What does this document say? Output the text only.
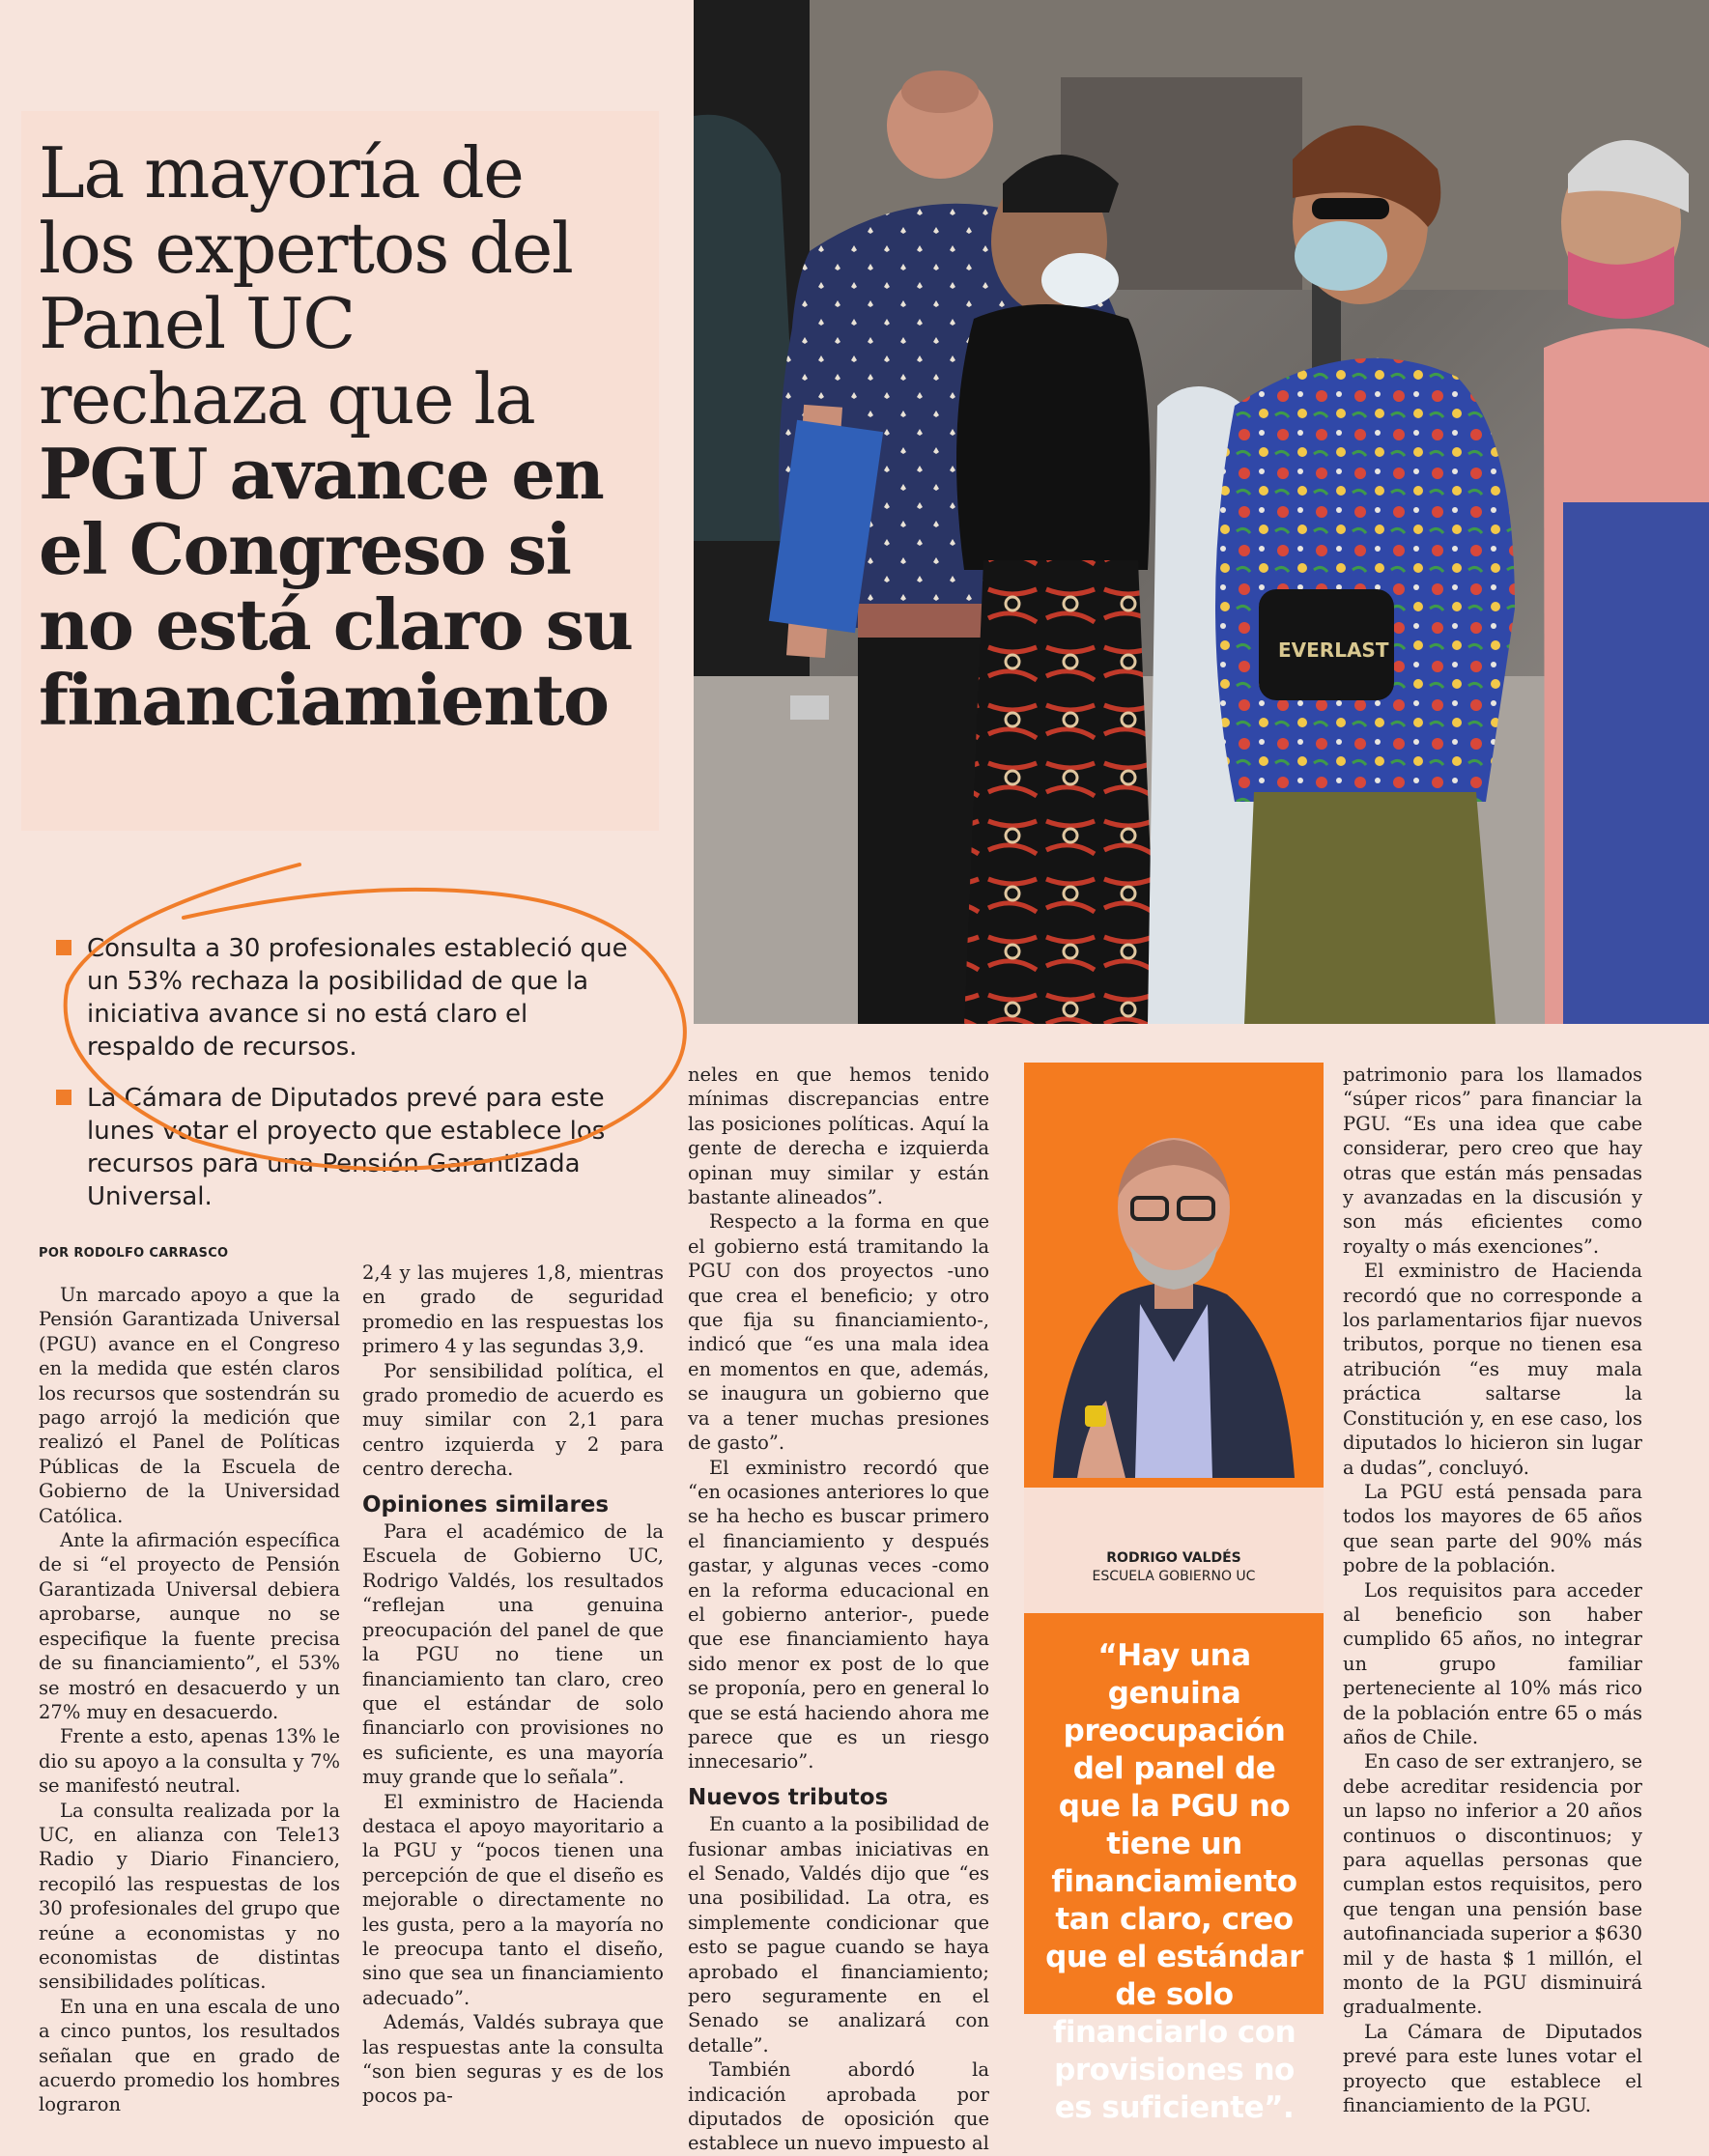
La mayoría de
los expertos del
Panel UC
rechaza que la
PGU avance en
el Congreso si
no está claro su
financiamiento
EVERLAST
Consulta a 30 profesionales estableció que un 53% rechaza la posibilidad de que la iniciativa avance si no está claro el respaldo de recursos.
La Cámara de Diputados prevé para este lunes votar el proyecto que establece los recursos para una Pensión Garantizada Universal.
POR RODOLFO CARRASCO

Un marcado apoyo a que la Pensión Garantizada Universal (PGU) avance en el Congreso en la medida que estén claros los recursos que sostendrán su pago arrojó la medición que realizó el Panel de Políticas Públicas de la Escuela de Gobierno de la Universidad Católica.

Ante la afirmación específica de si “el proyecto de Pensión Garantizada Universal debiera aprobarse, aunque no se especifique la fuente precisa de su financiamiento”, el 53% se mostró en desacuerdo y un 27% muy en desacuerdo.

Frente a esto, apenas 13% le dio su apoyo a la consulta y 7% se manifestó neutral.

La consulta realizada por la UC, en alianza con Tele13 Radio y Diario Financiero, recopiló las respuestas de los 30 profesionales del grupo que reúne a economistas y no economistas de distintas sensibilidades políticas.

En una en una escala de uno a cinco puntos, los resultados señalan que en grado de acuerdo promedio los hombres lograron

2,4 y las mujeres 1,8, mientras en grado de seguridad promedio en las respuestas los primero 4 y las segundas 3,9.

Por sensibilidad política, el grado promedio de acuerdo es muy similar con 2,1 para centro izquierda y 2 para centro derecha.

Opiniones similares

Para el académico de la Escuela de Gobierno UC, Rodrigo Valdés, los resultados “reflejan una genuina preocupación del panel de que la PGU no tiene un financiamiento tan claro, creo que el estándar de solo financiarlo con provisiones no es suficiente, es una mayoría muy grande que lo señala”.

El exministro de Hacienda destaca el apoyo mayoritario a la PGU y “pocos tienen una percepción de que el diseño es mejorable o directamente no les gusta, pero a la mayoría no le preocupa tanto el diseño, sino que sea un financiamiento adecuado”.

Además, Valdés subraya que las respuestas ante la consulta “son bien seguras y es de los pocos pa-

neles en que hemos tenido mínimas discrepancias entre las posiciones políticas. Aquí la gente de derecha e izquierda opinan muy similar y están bastante alineados”.

Respecto a la forma en que el gobierno está tramitando la PGU con dos proyectos -uno que crea el beneficio; y otro que fija su financiamiento-, indicó que “es una mala idea en momentos en que, además, se inaugura un gobierno que va a tener muchas presiones de gasto”.

El exministro recordó que “en ocasiones anteriores lo que se ha hecho es buscar primero el financiamiento y después gastar, y algunas veces -como en la reforma educacional en el gobierno anterior-, puede que ese financiamiento haya sido menor ex post de lo que se proponía, pero en general lo que se está haciendo ahora me parece que es un riesgo innecesario”.

Nuevos tributos

En cuanto a la posibilidad de fusionar ambas iniciativas en el Senado, Valdés dijo que “es una posibilidad. La otra, es simplemente condicionar que esto se pague cuando se haya aprobado el financiamiento; pero seguramente en el Senado se analizará con detalle”.

También abordó la indicación aprobada por diputados de oposición que establece un nuevo impuesto al

RODRIGO VALDÉS
ESCUELA GOBIERNO UC
“Hay una genuina preocupación del panel de que la PGU no tiene un financiamiento tan claro, creo que el estándar de solo financiarlo con provisiones no es suficiente”.

patrimonio para los llamados “súper ricos” para financiar la PGU. “Es una idea que cabe considerar, pero creo que hay otras que están más pensadas y avanzadas en la discusión y son más eficientes como royalty o más exenciones”.

El exministro de Hacienda recordó que no corresponde a los parlamentarios fijar nuevos tributos, porque no tienen esa atribución “es muy mala práctica saltarse la Constitución y, en ese caso, los diputados lo hicieron sin lugar a dudas”, concluyó.

La PGU está pensada para todos los mayores de 65 años que sean parte del 90% más pobre de la población.

Los requisitos para acceder al beneficio son haber cumplido 65 años, no integrar un grupo familiar perteneciente al 10% más rico de la población entre 65 o más años de Chile.

En caso de ser extranjero, se debe acreditar residencia por un lapso no inferior a 20 años continuos o discontinuos; y para aquellas personas que cumplan estos requisitos, pero que tengan una pensión base autofinanciada superior a $630 mil y de hasta $ 1 millón, el monto de la PGU disminuirá gradualmente.

La Cámara de Diputados prevé para este lunes votar el proyecto que establece el financiamiento de la PGU.
